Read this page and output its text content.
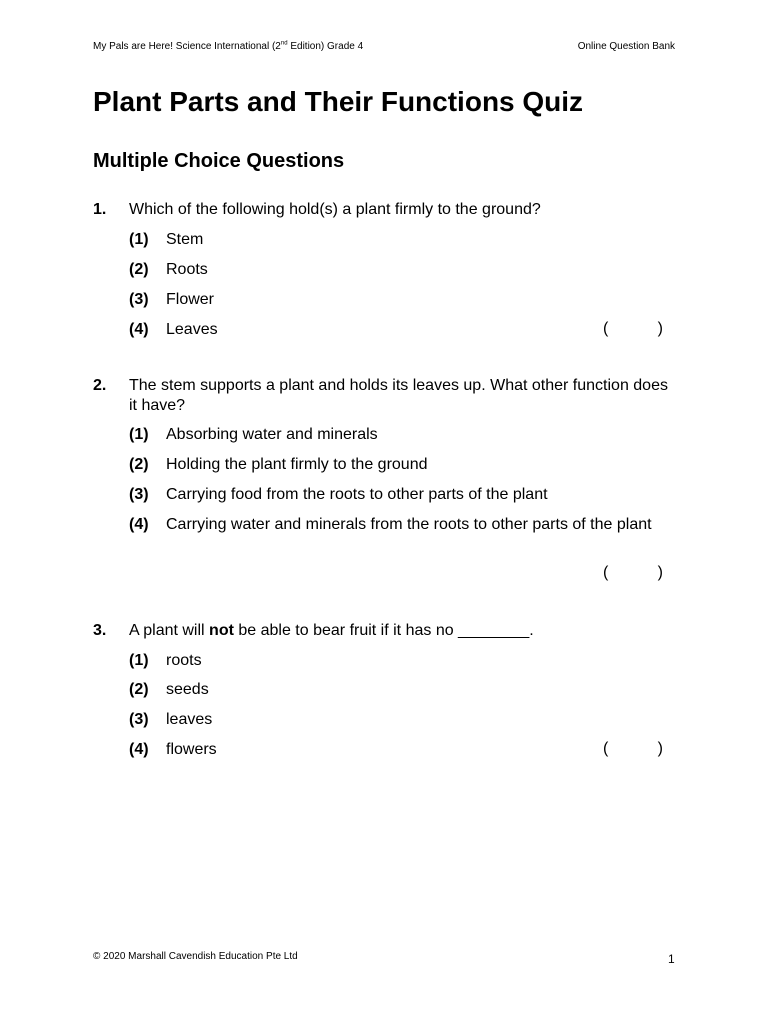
My Pals are Here! Science International (2nd Edition) Grade 4	Online Question Bank
Plant Parts and Their Functions Quiz
Multiple Choice Questions
1.	Which of the following hold(s) a plant firmly to the ground?
(1)	Stem
(2)	Roots
(3)	Flower
(4)	Leaves	(	)
2.	The stem supports a plant and holds its leaves up. What other function does it have?
(1)	Absorbing water and minerals
(2)	Holding the plant firmly to the ground
(3)	Carrying food from the roots to other parts of the plant
(4)	Carrying water and minerals from the roots to other parts of the plant
(	)
3.	A plant will not be able to bear fruit if it has no ________.
(1)	roots
(2)	seeds
(3)	leaves
(4)	flowers	(	)
© 2020 Marshall Cavendish Education Pte Ltd	1
